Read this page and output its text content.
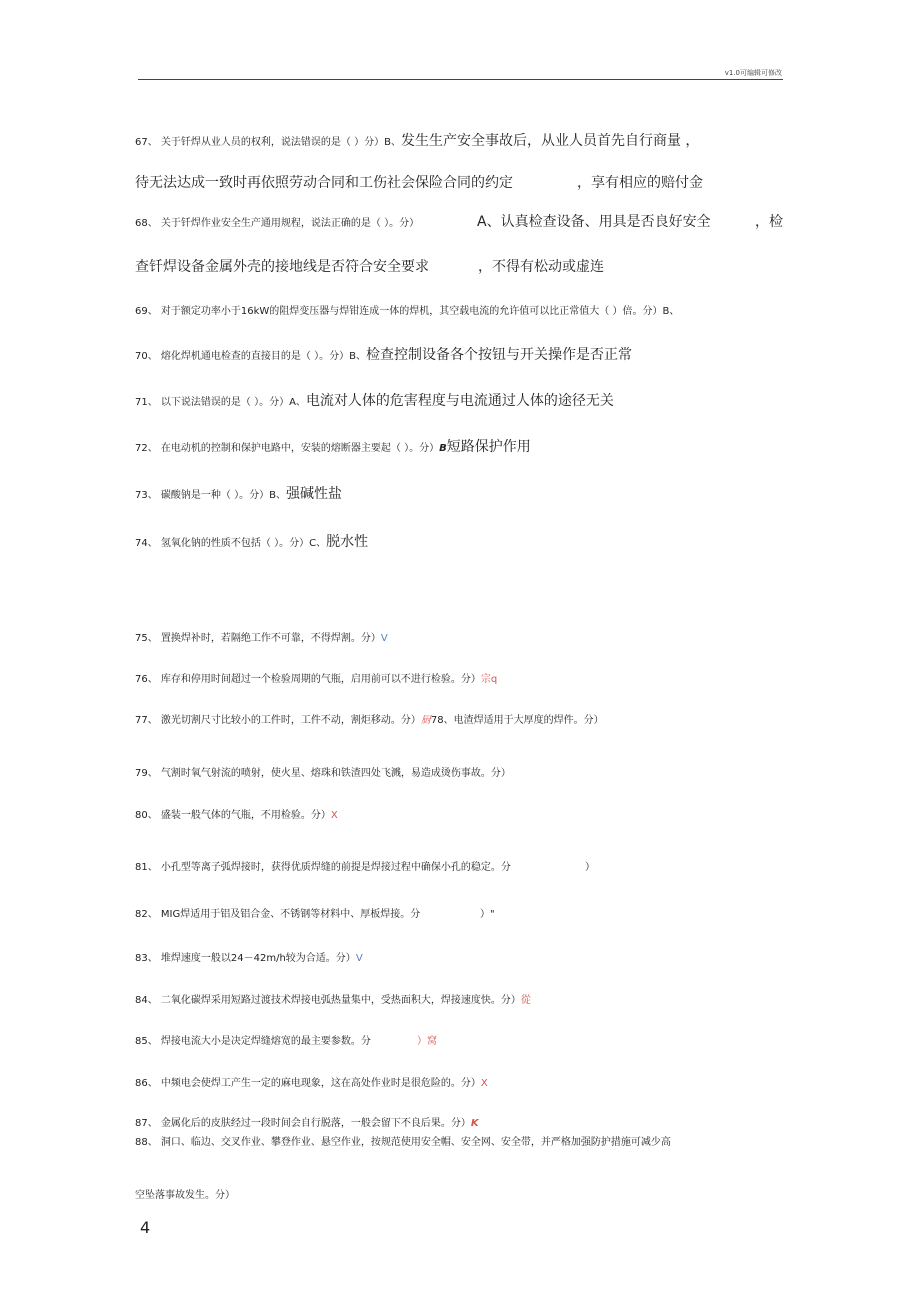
v1.0可编辑可修改
67、 关于钎焊从业人员的权利，说法错误的是（ ）分）B、发生生产安全事故后，从业人员首先自行商量 ，
待无法达成一致时再依照劳动合同和工伤社会保险合同的约定	，享有相应的赔付金
68、 关于钎焊作业安全生产通用规程，说法正确的是（ ）。分）	A、认真检查设备、用具是否良好安全	，检
查钎焊设备金属外壳的接地线是否符合安全要求	，不得有松动或虚连
69、 对于额定功率小于16kW的阻焊变压器与焊钳连成一体的焊机，其空载电流的允许值可以比正常值大（ ）倍。分）B、
70、 熔化焊机通电检查的直接目的是（ ）。分）B、检查控制设备各个按钮与开关操作是否正常
71、 以下说法错误的是（ ）。分）A、电流对人体的危害程度与电流通过人体的途径无关
72、 在电动机的控制和保护电路中，安装的熔断器主要起（ ）。分）B短路保护作用
73、 碳酸钠是一种（ ）。分）B、强碱性盐
74、 氢氧化钠的性质不包括（ ）。分）C、脱水性
75、 置换焊补时，若隔绝工作不可靠，不得焊割。分）V
76、 库存和停用时间超过一个检验周期的气瓶，启用前可以不进行检验。分）宗q
77、 激光切割尺寸比较小的工件时，工件不动，割炬移动。分）厨78、电渣焊适用于大厚度的焊件。分）
79、 气割时氧气射流的喷射，使火星、熔珠和铁渣四处飞溅，易造成烫伤事故。分）
80、 盛装一般气体的气瓶，不用检验。分）X
81、 小孔型等离子弧焊接时，获得优质焊缝的前提是焊接过程中确保小孔的稳定。分	）
82、 MIG焊适用于铝及铝合金、不锈钢等材料中、厚板焊接。分	）"
83、 堆焊速度一般以24－42m/h较为合适。分）V
84、 二氧化碳焊采用短路过渡技术焊接电弧热量集中，受热面积大，焊接速度快。分）從
85、 焊接电流大小是决定焊缝熔宽的最主要参数。分	）窝
86、 中频电会使焊工产生一定的麻电现象，这在高处作业时是很危险的。分）X
87、 金属化后的皮肤经过一段时间会自行脱落，一般会留下不良后果。分）K
88、 洞口、临边、交叉作业、攀登作业、悬空作业，按规范使用安全帽、安全网、安全带，并严格加强防护措施可减少高
空坠落事故发生。分）
4
